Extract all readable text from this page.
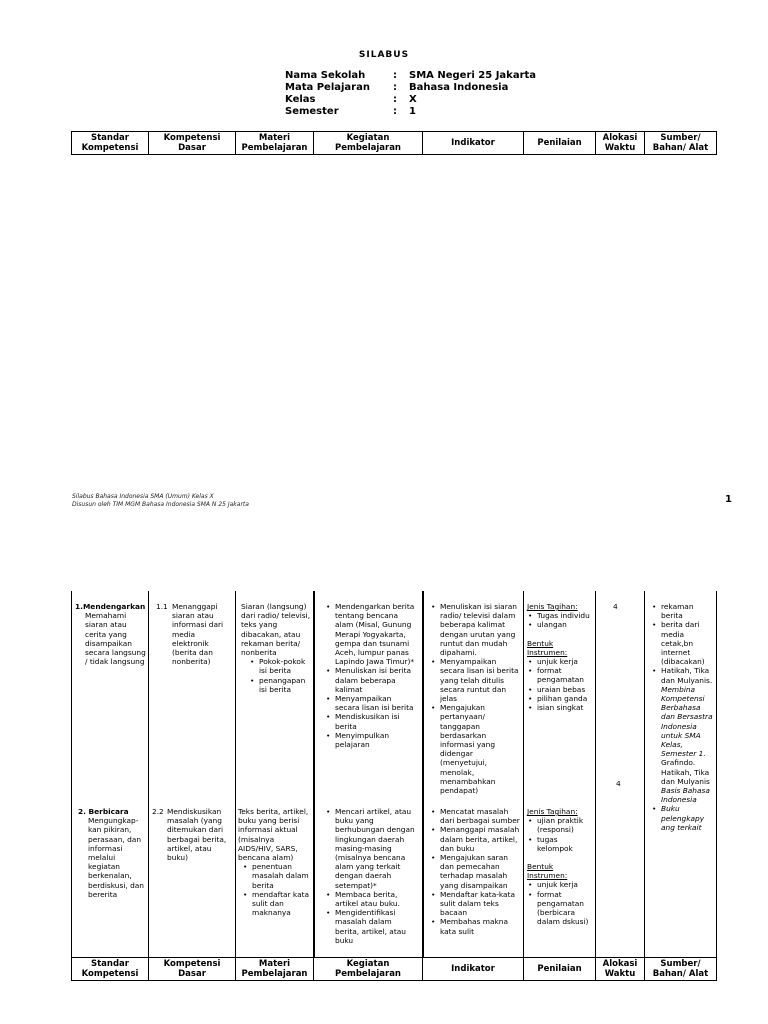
SILABUS
Nama Sekolah	:	SMA Negeri 25 Jakarta
Mata Pelajaran	:	Bahasa Indonesia
Kelas	:	X
Semester	:	1
Standar Kompetensi	Kompetensi Dasar	Materi Pembelajaran	Kegiatan Pembelajaran	Indikator	Penilaian	Alokasi Waktu	Sumber/ Bahan/ Alat
Silabus Bahasa Indonesia SMA (Umum) Kelas X
Disusun oleh TIM MGM Bahasa Indonesia SMA N 25 Jakarta	1
1.Mendengarkan
Memahami siaran atau cerita yang disampaikan secara langsung / tidak langsung
1.1 Menanggapi siaran atau informasi dari media elektronik (berita dan nonberita)
Siaran (langsung) dari radio/ televisi, teks yang dibacakan, atau rekaman berita/ nonberita
• Pokok-pokok isi berita
• penangapan isi berita
• Mendengarkan berita tentang bencana alam (Misal, Gunung Merapi Yogyakarta, gempa dan tsunami Aceh, lumpur panas Lapindo Jawa Timur)*
• Menuliskan isi berita dalam beberapa kalimat
• Menyampaikan secara lisan isi berita
• Mendiskusikan isi berita
• Menyimpulkan pelajaran
• Menuliskan isi siaran radio/ televisi dalam beberapa kalimat dengan urutan yang runtut dan mudah dipahami.
• Menyampaikan secara lisan isi berita yang telah ditulis secara runtut dan jelas
• Mengajukan pertanyaan/ tanggapan berdasarkan informasi yang didengar (menyetujui, menolak, menambahkan pendapat)
Jenis Tagihan:
• Tugas individu
• ulangan
Bentuk Instrumen:
• unjuk kerja
• format pengamatan
• uraian bebas
• pilihan ganda
• isian singkat
4
•	rekaman berita
• berita dari media cetak,bn internet (dibacakan)
• Hatikah, Tika dan Mulyanis.
Membina Kompetensi Berbahasa dan Bersastra Indonesia untuk SMA Kelas, Semester 1.
Grafindo.
Hatikah, Tika dan Mulyanis
Basis Bahasa Indonesia
• Buku pelengkapy ang terkait
2. Berbicara
Mengungkap-kan pikiran, perasaan, dan informasi melalui kegiatan berkenalan, berdiskusi, dan bererita
2.2 Mendiskusikan masalah (yang ditemukan dari berbagai berita, artikel, atau buku)
Teks berita, artikel, buku yang berisi informasi aktual (misalnya AIDS/HIV, SARS, bencana alam)
• penentuan masalah dalam berita
• mendaftar kata sulit dan maknanya
• Mencari artikel, atau buku yang berhubungan dengan lingkungan daerah masing-masing (misalnya bencana alam yang terkait dengan daerah setempat)*
• Membaca berita, artikel atau buku.
• Mengidentifikasi masalah dalam berita, artikel, atau buku
• Mencatat masalah dari berbagai sumber
• Menanggapi masalah dalam berita, artikel, dan buku
• Mengajukan saran dan pemecahan terhadap masalah yang disampaikan
• Mendaftar kata-kata sulit dalam teks bacaan
• Membahas makna kata sulit
Jenis Tagihan:
• ujian praktik (responsi)
• tugas kelompok
Bentuk Instrumen:
• unjuk kerja
• format pengamatan (berbicara dalam dskusi)
4
Standar Kompetensi	Kompetensi Dasar	Materi Pembelajaran	Kegiatan Pembelajaran	Indikator	Penilaian	Alokasi Waktu	Sumber/ Bahan/ Alat
